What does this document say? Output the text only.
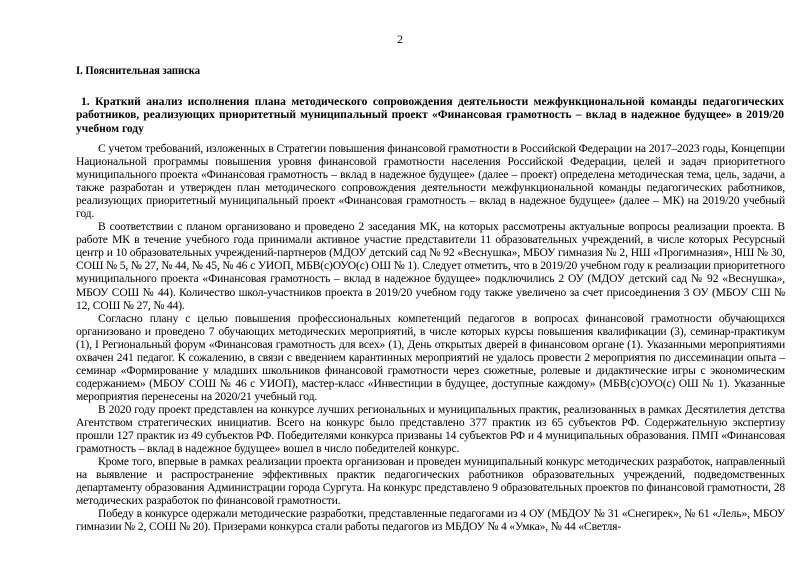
2
I. Пояснительная записка
1. Краткий анализ исполнения плана методического сопровождения деятельности межфункциональной команды педагогических работников, реализующих приоритетный муниципальный проект «Финансовая грамотность – вклад в надежное будущее» в 2019/20 учебном году

С учетом требований, изложенных в Стратегии повышения финансовой грамотности в Российской Федерации на 2017–2023 годы, Концепции Национальной программы повышения уровня финансовой грамотности населения Российской Федерации, целей и задач приоритетного муниципального проекта «Финансовая грамотность – вклад в надежное будущее» (далее – проект) определена методическая тема, цель, задачи, а также разработан и утвержден план методического сопровождения деятельности межфункциональной команды педагогических работников, реализующих приоритетный муниципальный проект «Финансовая грамотность – вклад в надежное будущее» (далее – МК) на 2019/20 учебный год.

В соответствии с планом организовано и проведено 2 заседания МК, на которых рассмотрены актуальные вопросы реализации проекта. В работе МК в течение учебного года принимали активное участие представители 11 образовательных учреждений, в числе которых Ресурсный центр и 10 образовательных учреждений-партнеров (МДОУ детский сад № 92 «Веснушка», МБОУ гимназия № 2, НШ «Прогимназия», НШ № 30, СОШ № 5, № 27, № 44, № 45, № 46 с УИОП, МБВ(с)ОУО(с) ОШ № 1). Следует отметить, что в 2019/20 учебном году к реализации приоритетного муниципального проекта «Финансовая грамотность – вклад в надежное будущее» подключились 2 ОУ (МДОУ детский сад № 92 «Веснушка», МБОУ СОШ № 44). Количество школ-участников проекта в 2019/20 учебном году также увеличено за счет присоединения 3 ОУ (МБОУ СШ № 12, СОШ № 27, № 44).

Согласно плану с целью повышения профессиональных компетенций педагогов в вопросах финансовой грамотности обучающихся организовано и проведено 7 обучающих методических мероприятий, в числе которых курсы повышения квалификации (3), семинар-практикум (1), I Региональный форум «Финансовая грамотность для всех» (1), День открытых дверей в финансовом органе (1). Указанными мероприятиями охвачен 241 педагог. К сожалению, в связи с введением карантинных мероприятий не удалось провести 2 мероприятия по диссеминации опыта – семинар «Формирование у младших школьников финансовой грамотности через сюжетные, ролевые и дидактические игры с экономическим содержанием» (МБОУ СОШ № 46 с УИОП), мастер-класс «Инвестиции в будущее, доступные каждому» (МБВ(с)ОУО(с) ОШ № 1). Указанные мероприятия перенесены на 2020/21 учебный год.

В 2020 году проект представлен на конкурсе лучших региональных и муниципальных практик, реализованных в рамках Десятилетия детства Агентством стратегических инициатив. Всего на конкурс было представлено 377 практик из 65 субъектов РФ. Содержательную экспертизу прошли 127 практик из 49 субъектов РФ. Победителями конкурса призваны 14 субъектов РФ и 4 муниципальных образования. ПМП «Финансовая грамотность – вклад в надежное будущее» вошел в число победителей конкурс.

Кроме того, впервые в рамках реализации проекта организован и проведен муниципальный конкурс методических разработок, направленный на выявление и распространение эффективных практик педагогических работников образовательных учреждений, подведомственных департаменту образования Администрации города Сургута. На конкурс представлено 9 образовательных проектов по финансовой грамотности, 28 методических разработок по финансовой грамотности.

Победу в конкурсе одержали методические разработки, представленные педагогами из 4 ОУ (МБДОУ № 31 «Снегирек», № 61 «Лель», МБОУ гимназии № 2, СОШ № 20). Призерами конкурса стали работы педагогов из МБДОУ № 4 «Умка», № 44 «Светля-
